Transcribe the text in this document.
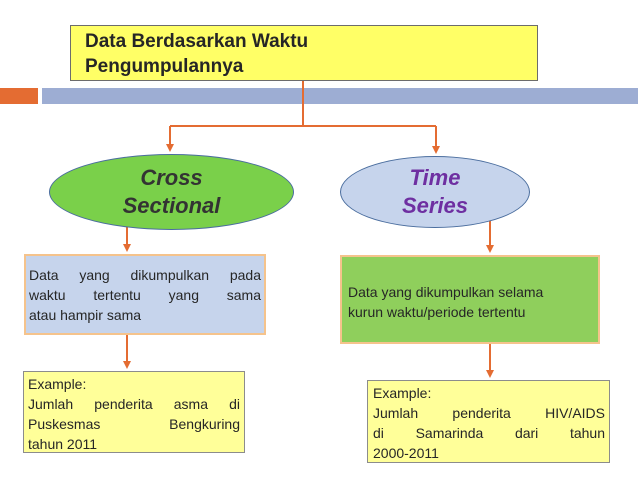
Data Berdasarkan Waktu
Pengumpulannya
Cross
Sectional
Time
Series
Data yang dikumpulkan pada
waktu tertentu yang sama
atau hampir sama
Data yang dikumpulkan selama
kurun waktu/periode tertentu
Example:
Jumlah penderita asma di
Puskesmas Bengkuring
tahun 2011
Example:
Jumlah penderita HIV/AIDS
di Samarinda dari tahun
2000-2011
